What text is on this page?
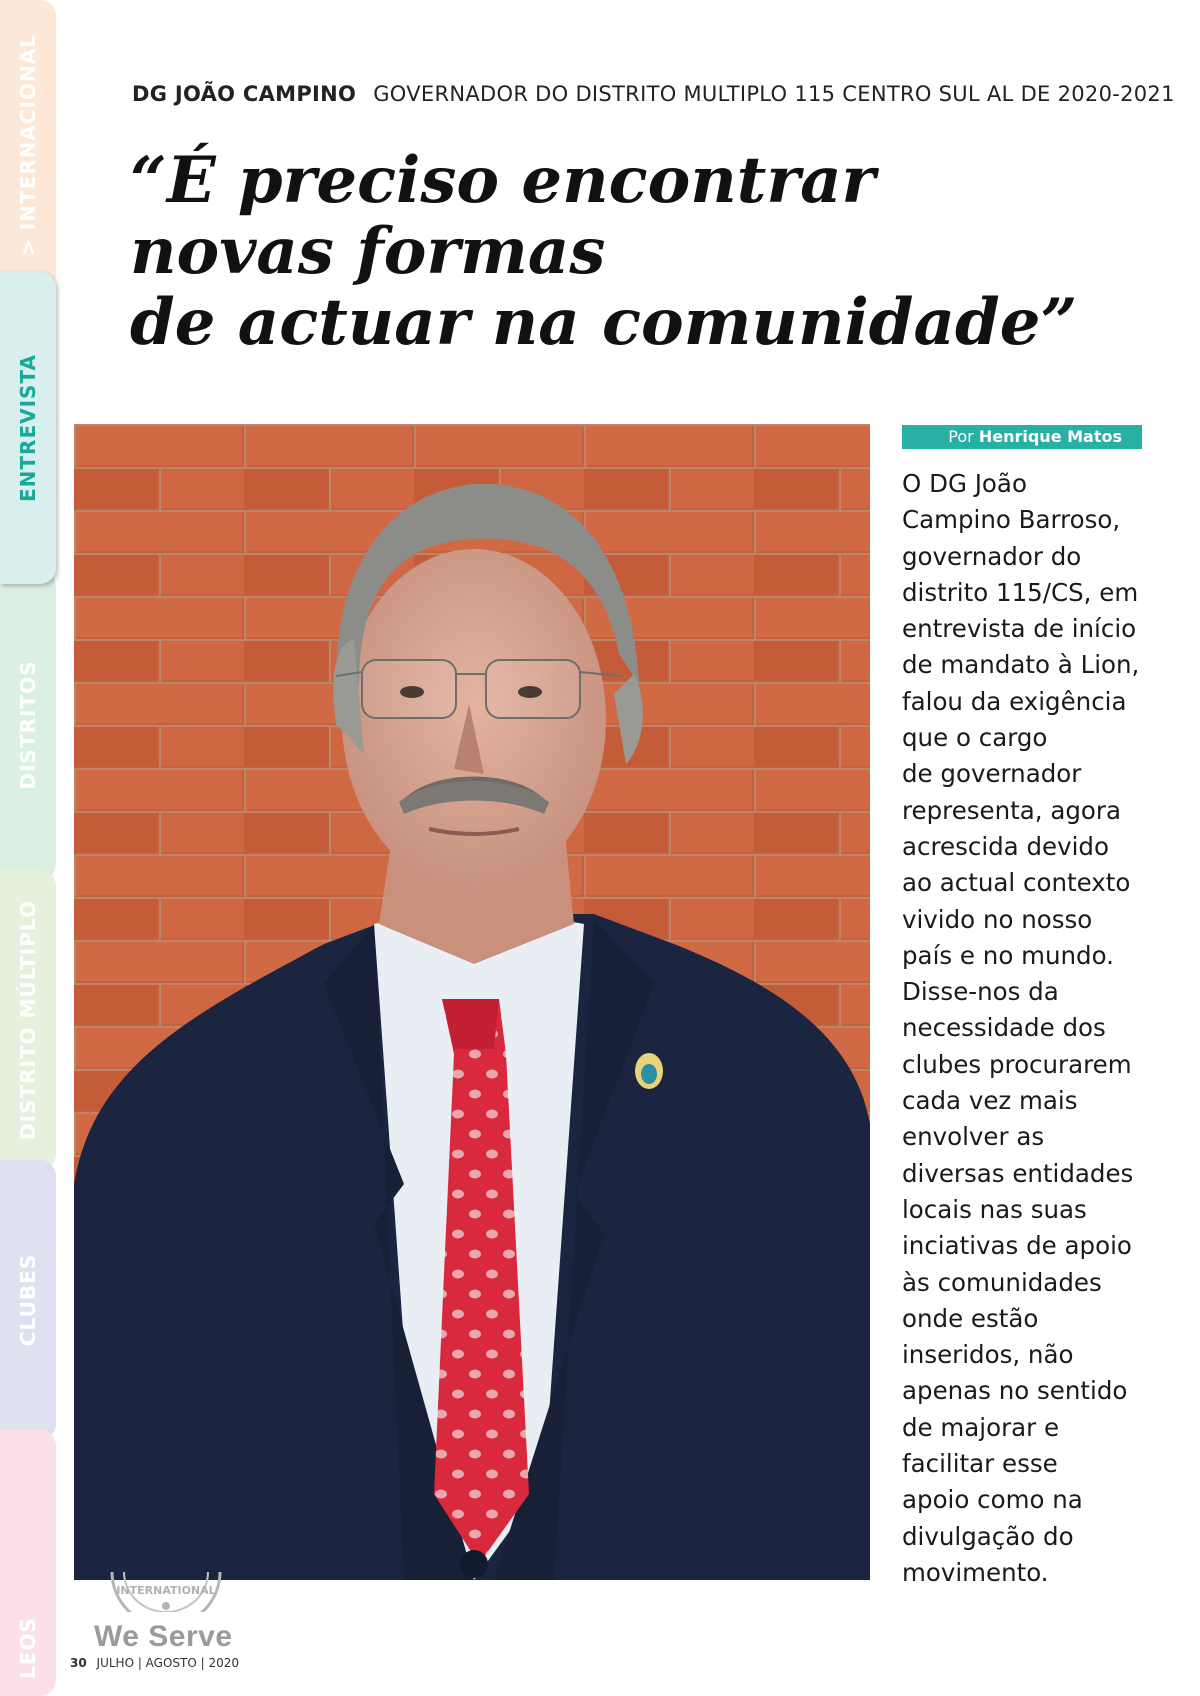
> INTERNACIONAL
DISTRITOS
DISTRITO MÚLTIPLO
CLUBES
LEOS
ENTREVISTA
DG JOÃO CAMPINO GOVERNADOR DO DISTRITO MULTIPLO 115 CENTRO SUL AL DE 2020-2021
“É preciso encontrar
novas formas
de actuar na comunidade”
Por Henrique Matos

O DG João
Campino Barroso,
governador do
distrito 115/CS, em
entrevista de início
de mandato à Lion,
falou da exigência
que o cargo
de governador
representa, agora
acrescida devido
ao actual contexto
vivido no nosso
país e no mundo.
Disse-nos da
necessidade dos
clubes procurarem
cada vez mais
envolver as
diversas entidades
locais nas suas
inciativas de apoio
às comunidades
onde estão
inseridos, não
apenas no sentido
de majorar e
facilitar esse
apoio como na
divulgação do
movimento.

INTERNATIONAL
We Serve
30 JULHO | AGOSTO | 2020
